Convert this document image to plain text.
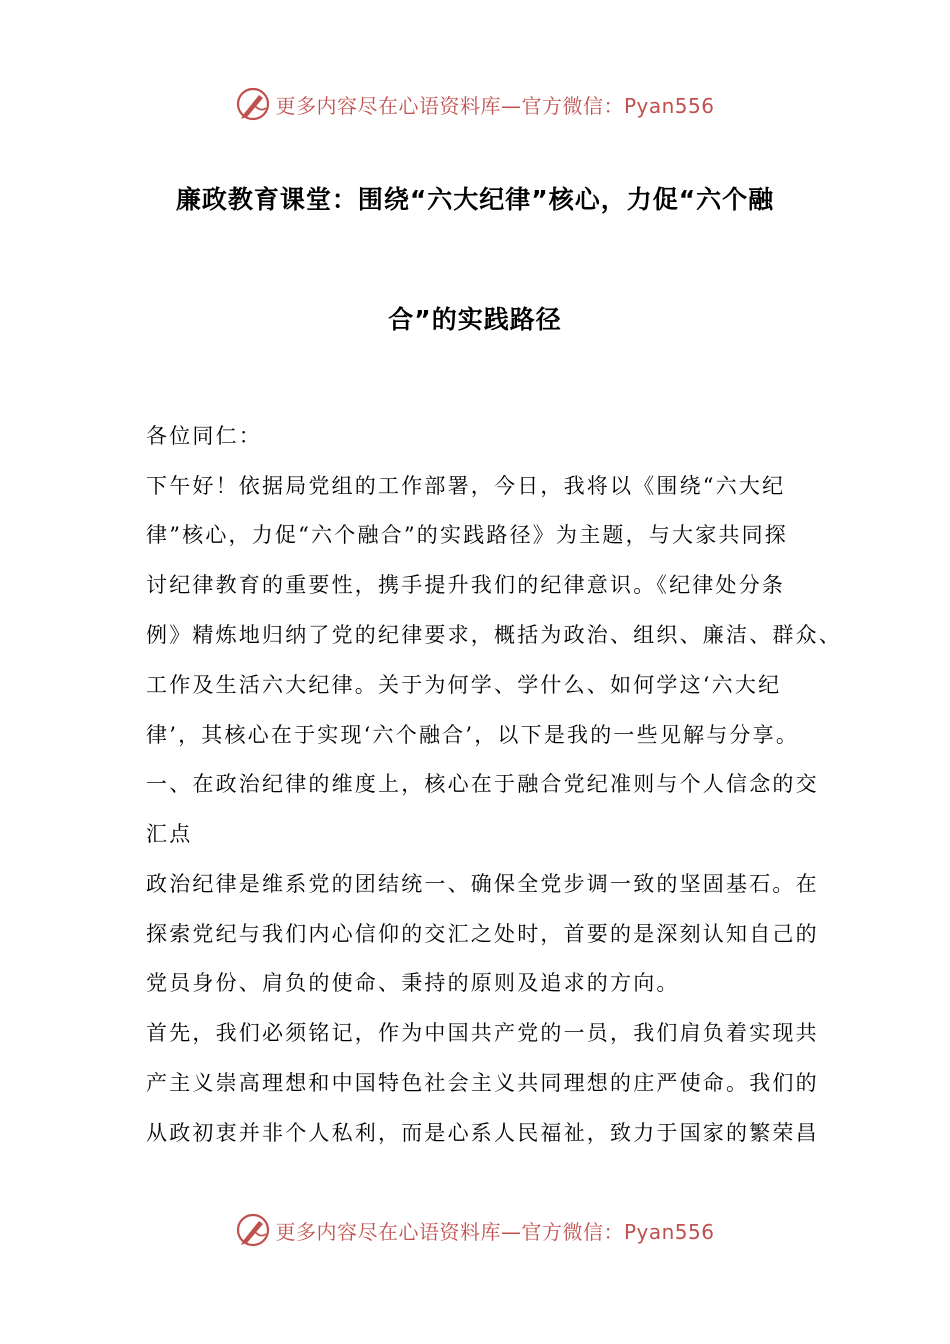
更多内容尽在心语资料库—官方微信：Pyan556
廉政教育课堂：围绕“六大纪律”核心，力促“六个融
合”的实践路径
各位同仁：
下午好！依据局党组的工作部署，今日，我将以《围绕“六大纪
律”核心，力促“六个融合”的实践路径》为主题，与大家共同探
讨纪律教育的重要性，携手提升我们的纪律意识。《纪律处分条
例》精炼地归纳了党的纪律要求，概括为政治、组织、廉洁、群众、
工作及生活六大纪律。关于为何学、学什么、如何学这‘六大纪
律’，其核心在于实现‘六个融合’，以下是我的一些见解与分享。
一、在政治纪律的维度上，核心在于融合党纪准则与个人信念的交
汇点
政治纪律是维系党的团结统一、确保全党步调一致的坚固基石。在
探索党纪与我们内心信仰的交汇之处时，首要的是深刻认知自己的
党员身份、肩负的使命、秉持的原则及追求的方向。
首先，我们必须铭记，作为中国共产党的一员，我们肩负着实现共
产主义崇高理想和中国特色社会主义共同理想的庄严使命。我们的
从政初衷并非个人私利，而是心系人民福祉，致力于国家的繁荣昌
更多内容尽在心语资料库—官方微信：Pyan556
